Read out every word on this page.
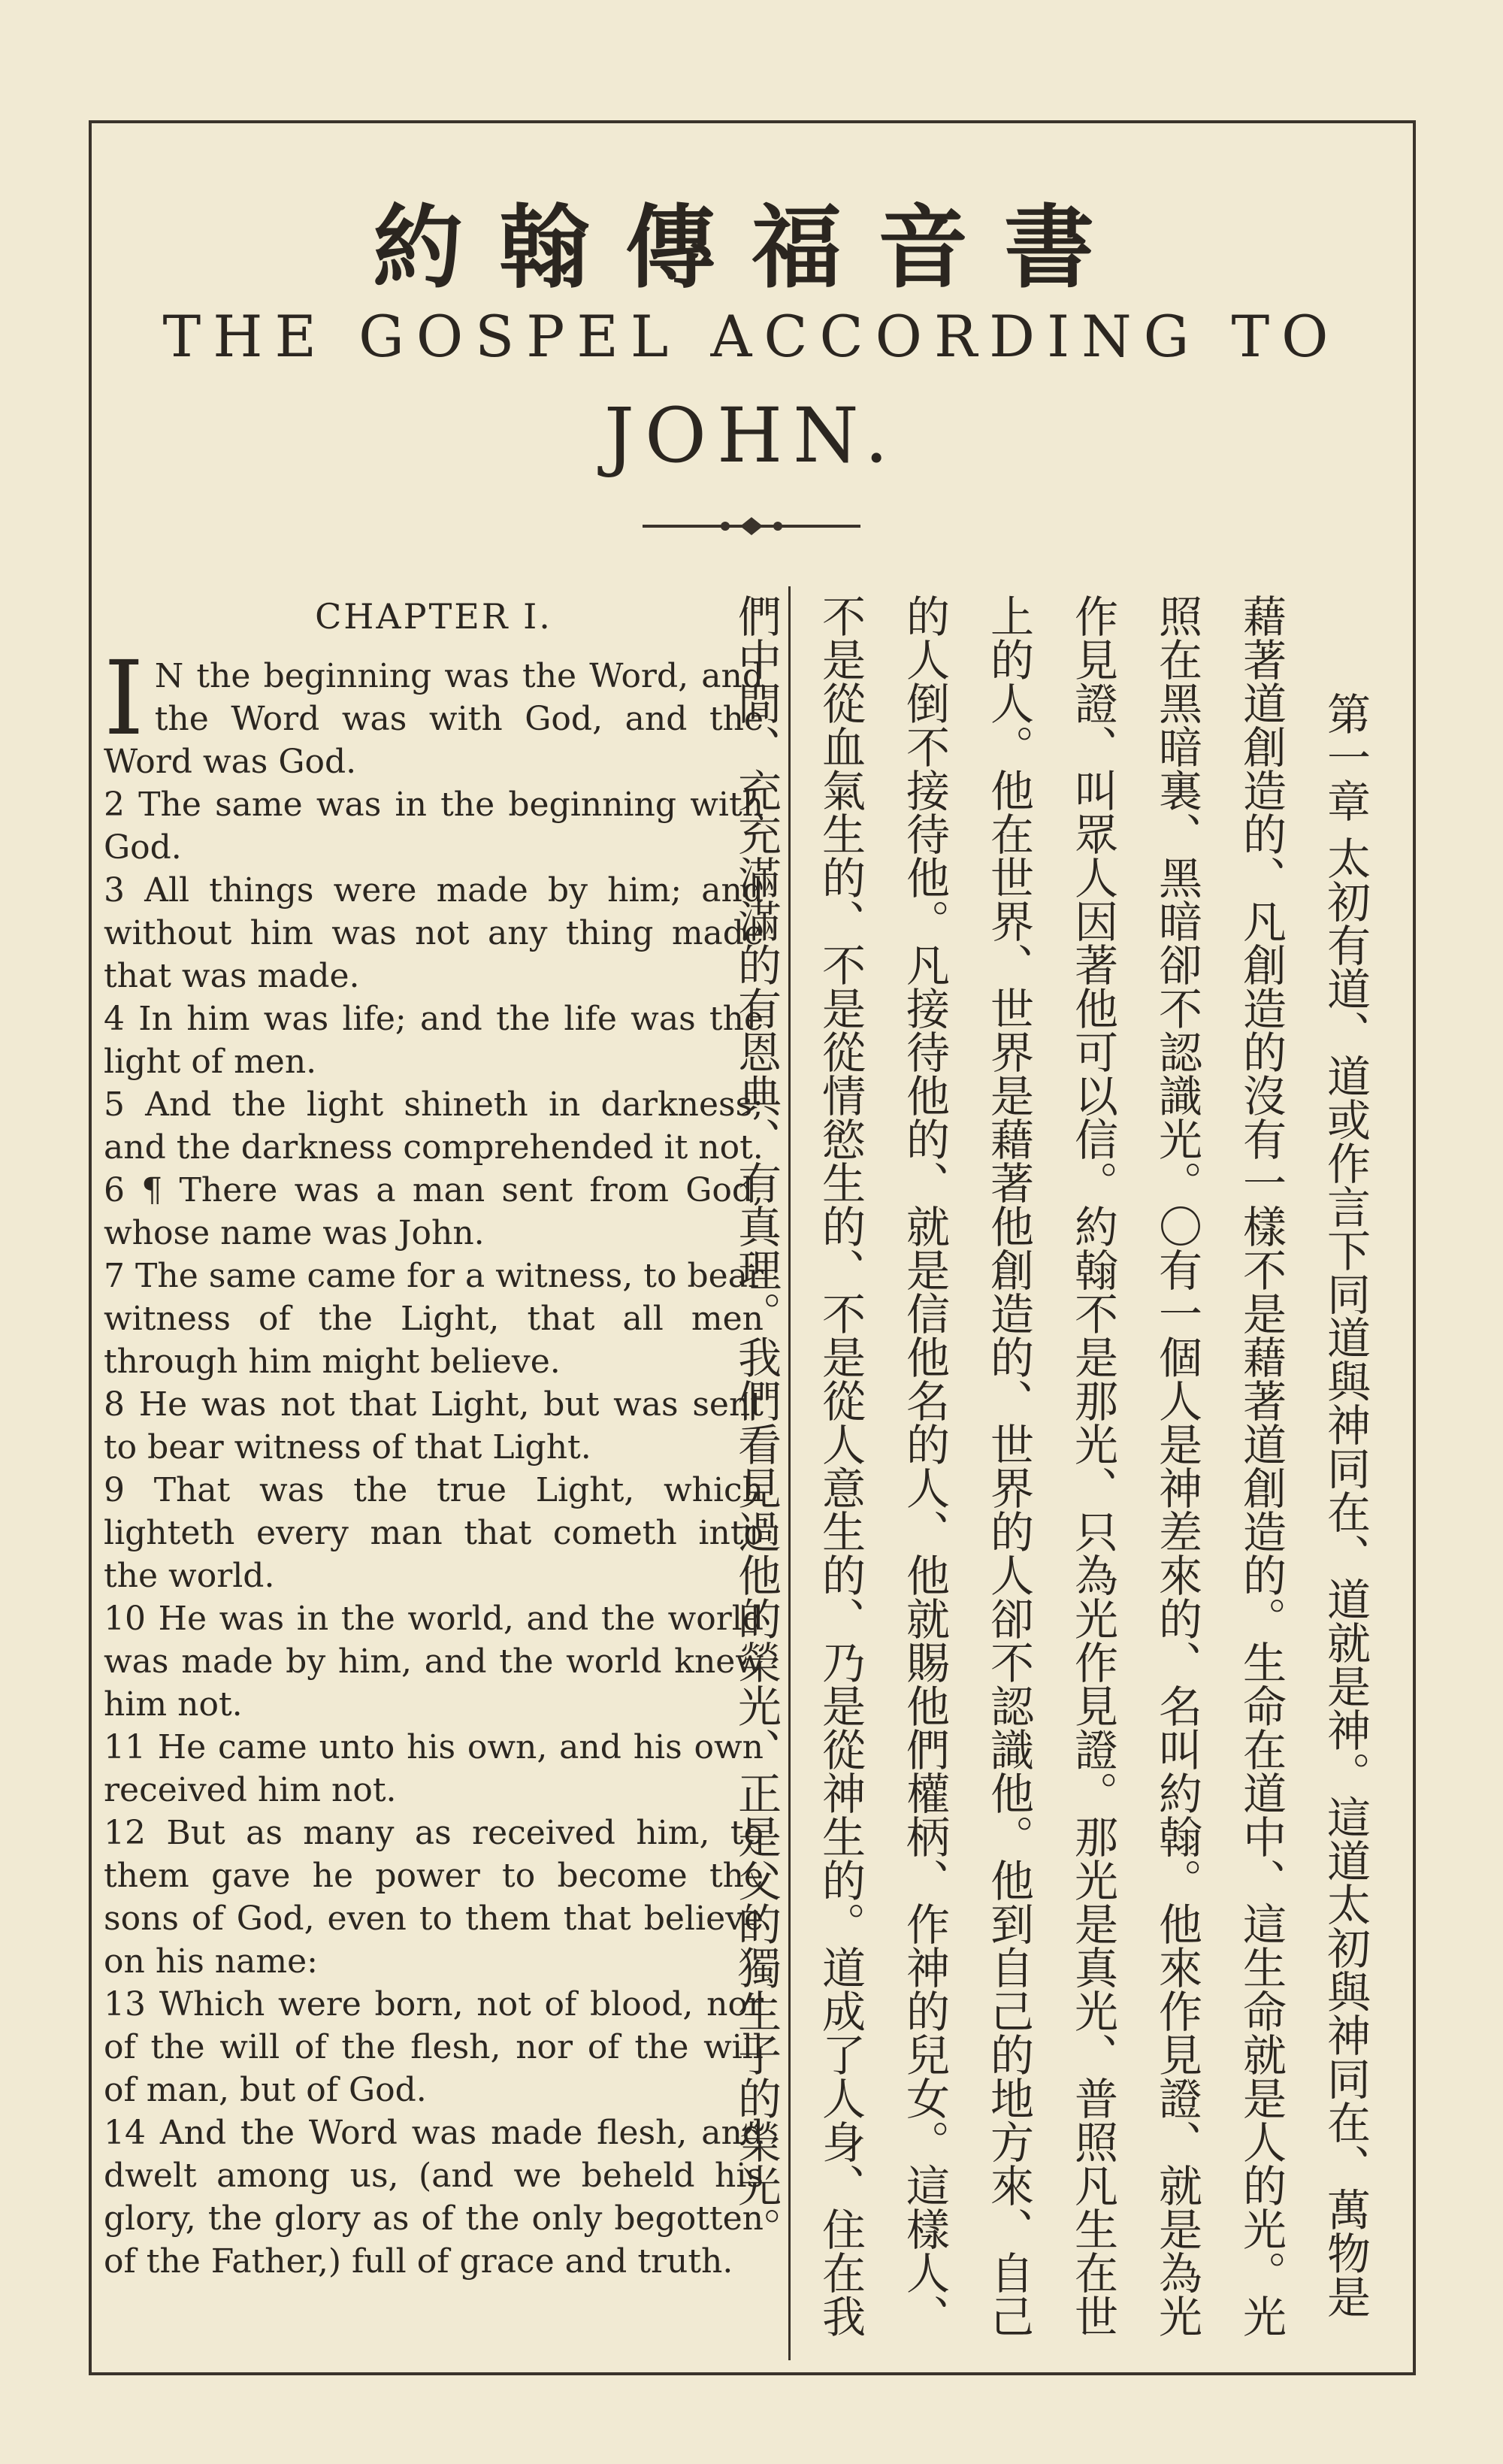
約翰傳福音書
THE GOSPEL ACCORDING TO
JOHN.
CHAPTER I.
I N the beginning was the Word, and the Word was with God, and the Word was God.
2 The same was in the beginning with God.
3 All things were made by him; and without him was not any thing made that was made.
4 In him was life; and the life was the light of men.
5 And the light shineth in darkness; and the darkness comprehended it not.
6 ¶ There was a man sent from God, whose name was John.
7 The same came for a witness, to bear witness of the Light, that all men through him might believe.
8 He was not that Light, but was sent to bear witness of that Light.
9 That was the true Light, which lighteth every man that cometh into the world.
10 He was in the world, and the world was made by him, and the world knew him not.
11 He came unto his own, and his own received him not.
12 But as many as received him, to them gave he power to become the sons of God, even to them that believe on his name:
13 Which were born, not of blood, nor of the will of the flesh, nor of the will of man, but of God.
14 And the Word was made flesh, and dwelt among us, (and we beheld his glory, the glory as of the only begotten of the Father,) full of grace and truth.
第一章 太初有道、道或作言下同道與神同在、道就是神。這道太初與神同在、萬物是藉著道創造的、凡創造的沒有一樣不是藉著道創造的。生命在道中、這生命就是人的光。光照在黑暗裏、黑暗卻不認識光。〇有一個人是神差來的、名叫約翰。他來作見證、就是為光作見證、叫眾人因著他可以信。約翰不是那光、只為光作見證。那光是真光、普照凡生在世上的人。他在世界、世界是藉著他創造的、世界的人卻不認識他。他到自己的地方來、自己的人倒不接待他。凡接待他的、就是信他名的人、他就賜他們權柄、作神的兒女。這樣人、不是從血氣生的、不是從情慾生的、不是從人意生的、乃是從神生的。道成了人身、住在我們中間、充充滿滿的有恩典、有真理。我們看見過他的榮光、正是父的獨生子的榮光。
